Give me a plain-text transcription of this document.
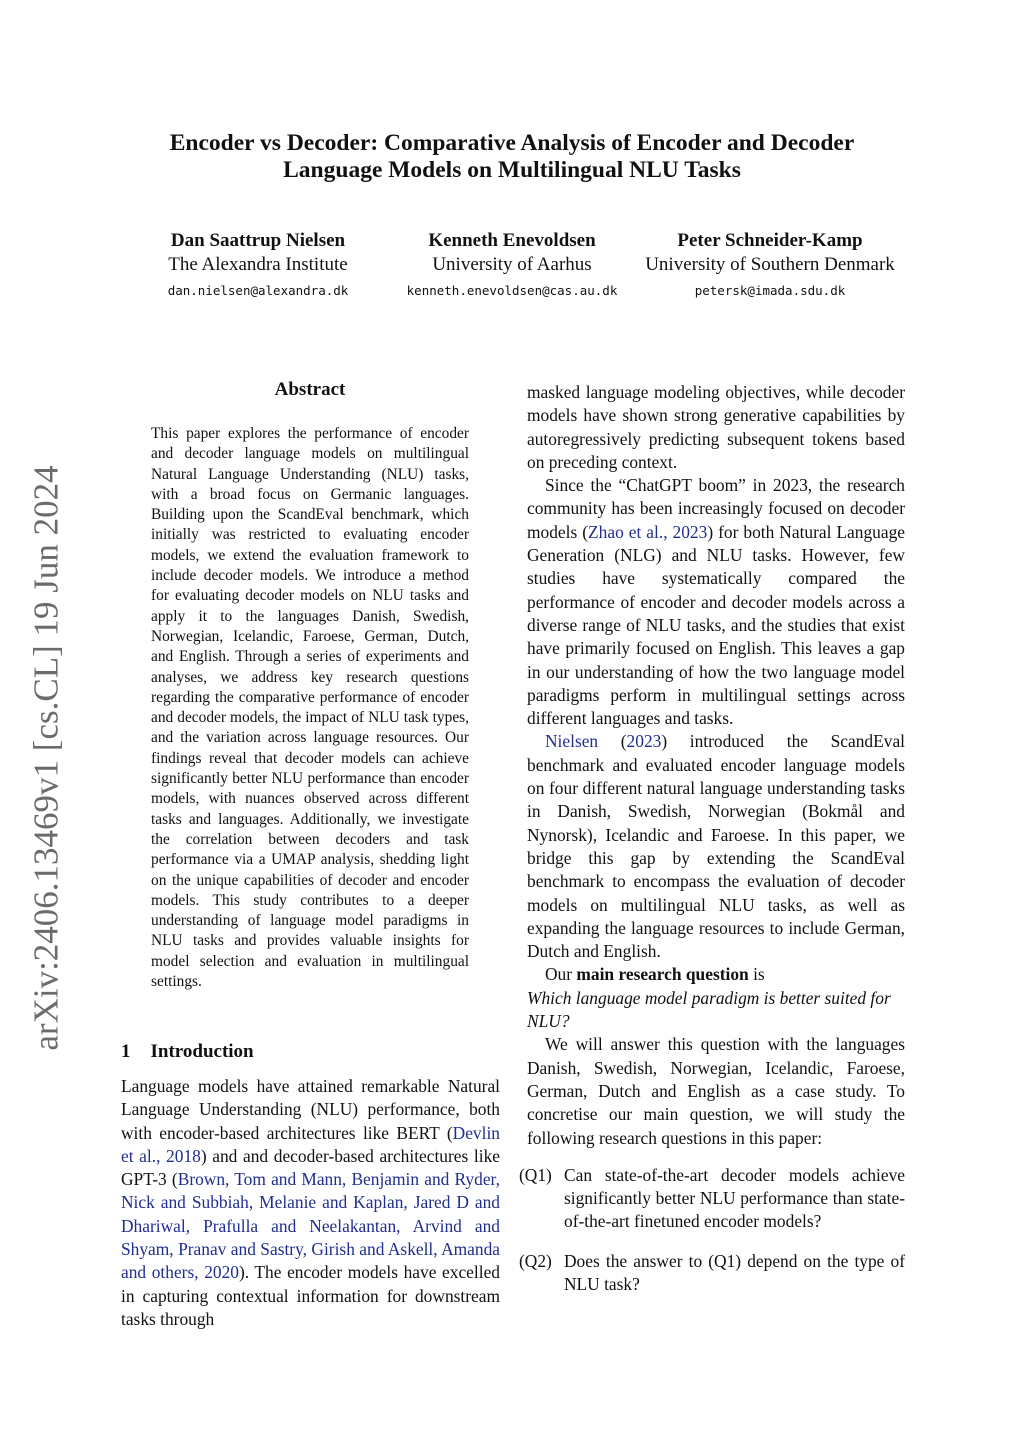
arXiv:2406.13469v1 [cs.CL] 19 Jun 2024
Encoder vs Decoder: Comparative Analysis of Encoder and Decoder
Language Models on Multilingual NLU Tasks
Dan Saattrup Nielsen
The Alexandra Institute
dan.nielsen@alexandra.dk
Kenneth Enevoldsen
University of Aarhus
kenneth.enevoldsen@cas.au.dk
Peter Schneider-Kamp
University of Southern Denmark
petersk@imada.sdu.dk
Abstract
This paper explores the performance of encoder and decoder language models on multilingual Natural Language Understanding (NLU) tasks, with a broad focus on Germanic languages. Building upon the ScandEval benchmark, which initially was restricted to evaluating encoder models, we extend the evaluation framework to include decoder models. We introduce a method for evaluating decoder models on NLU tasks and apply it to the languages Danish, Swedish, Norwegian, Icelandic, Faroese, German, Dutch, and English. Through a series of experiments and analyses, we address key research questions regarding the comparative performance of encoder and decoder models, the impact of NLU task types, and the variation across language resources. Our findings reveal that decoder models can achieve significantly better NLU performance than encoder models, with nuances observed across different tasks and languages. Additionally, we investigate the correlation between decoders and task performance via a UMAP analysis, shedding light on the unique capabilities of decoder and encoder models. This study contributes to a deeper understanding of language model paradigms in NLU tasks and provides valuable insights for model selection and evaluation in multilingual settings.
1 Introduction
Language models have attained remarkable Natural Language Understanding (NLU) performance, both with encoder-based architectures like BERT (Devlin et al., 2018) and and decoder-based architectures like GPT-3 (Brown, Tom and Mann, Benjamin and Ryder, Nick and Subbiah, Melanie and Kaplan, Jared D and Dhariwal, Prafulla and Neelakantan, Arvind and Shyam, Pranav and Sastry, Girish and Askell, Amanda and others, 2020). The encoder models have excelled in capturing contextual information for downstream tasks through

masked language modeling objectives, while decoder models have shown strong generative capabilities by autoregressively predicting subsequent tokens based on preceding context.

Since the “ChatGPT boom” in 2023, the research community has been increasingly focused on decoder models (Zhao et al., 2023) for both Natural Language Generation (NLG) and NLU tasks. However, few studies have systematically compared the performance of encoder and decoder models across a diverse range of NLU tasks, and the studies that exist have primarily focused on English. This leaves a gap in our understanding of how the two language model paradigms perform in multilingual settings across different languages and tasks.

Nielsen (2023) introduced the ScandEval benchmark and evaluated encoder language models on four different natural language understanding tasks in Danish, Swedish, Norwegian (Bokmål and Nynorsk), Icelandic and Faroese. In this paper, we bridge this gap by extending the ScandEval benchmark to encompass the evaluation of decoder models on multilingual NLU tasks, as well as expanding the language resources to include German, Dutch and English.

Our main research question is

Which language model paradigm is better suited for NLU?

We will answer this question with the languages Danish, Swedish, Norwegian, Icelandic, Faroese, German, Dutch and English as a case study. To concretise our main question, we will study the following research questions in this paper:

(Q1) Can state-of-the-art decoder models achieve significantly better NLU performance than state-of-the-art finetuned encoder models?
(Q2) Does the answer to (Q1) depend on the type of NLU task?
